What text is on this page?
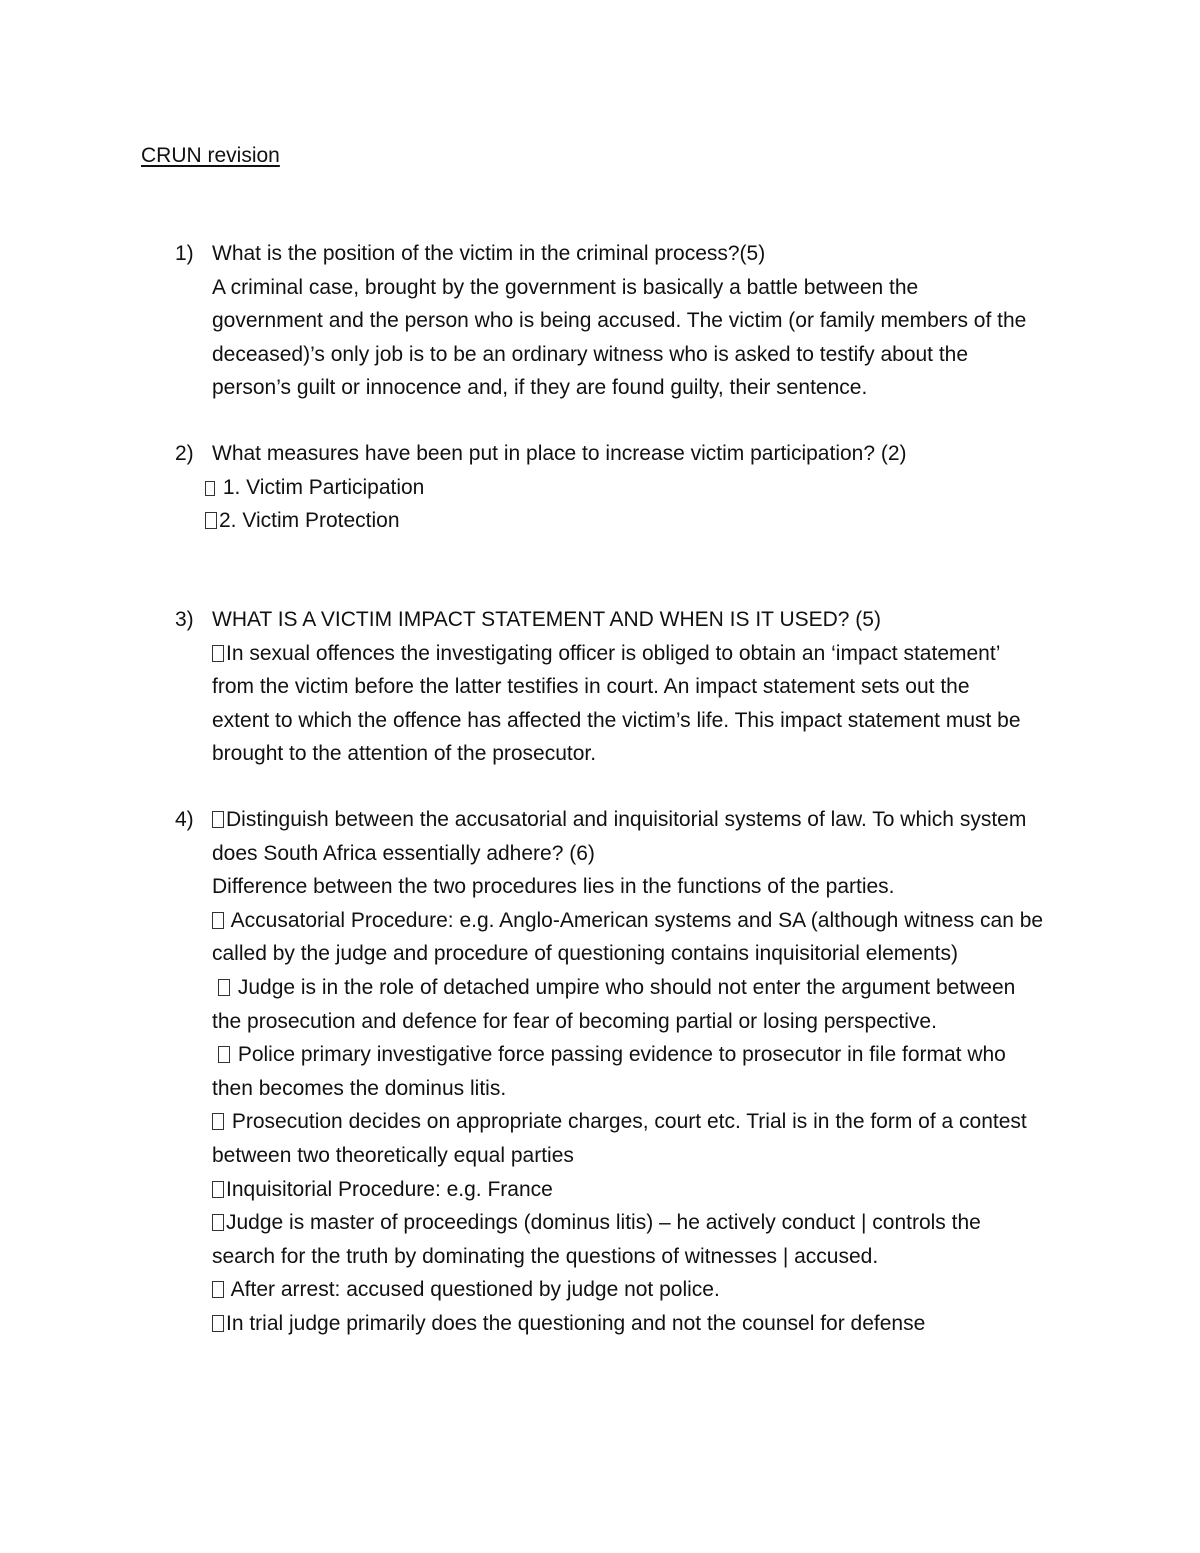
CRUN revision
1) What is the position of the victim in the criminal process?(5)
A criminal case, brought by the government is basically a battle between the
government and the person who is being accused. The victim (or family members of the
deceased)’s only job is to be an ordinary witness who is asked to testify about the
person’s guilt or innocence and, if they are found guilty, their sentence.
2) What measures have been put in place to increase victim participation? (2)
1. Victim Participation
2. Victim Protection
3) WHAT IS A VICTIM IMPACT STATEMENT AND WHEN IS IT USED? (5)
In sexual offences the investigating officer is obliged to obtain an ‘impact statement’
from the victim before the latter testifies in court. An impact statement sets out the
extent to which the offence has affected the victim’s life. This impact statement must be
brought to the attention of the prosecutor.
4)	Distinguish between the accusatorial and inquisitorial systems of law. To which system
does South Africa essentially adhere? (6)
Difference between the two procedures lies in the functions of the parties.
Accusatorial Procedure: e.g. Anglo-American systems and SA (although witness can be
called by the judge and procedure of questioning contains inquisitorial elements)
Judge is in the role of detached umpire who should not enter the argument between
the prosecution and defence for fear of becoming partial or losing perspective.
Police primary investigative force passing evidence to prosecutor in file format who
then becomes the dominus litis.
Prosecution decides on appropriate charges, court etc. Trial is in the form of a contest
between two theoretically equal parties
Inquisitorial Procedure: e.g. France
Judge is master of proceedings (dominus litis) – he actively conduct | controls the
search for the truth by dominating the questions of witnesses | accused.
After arrest: accused questioned by judge not police.
In trial judge primarily does the questioning and not the counsel for defense
